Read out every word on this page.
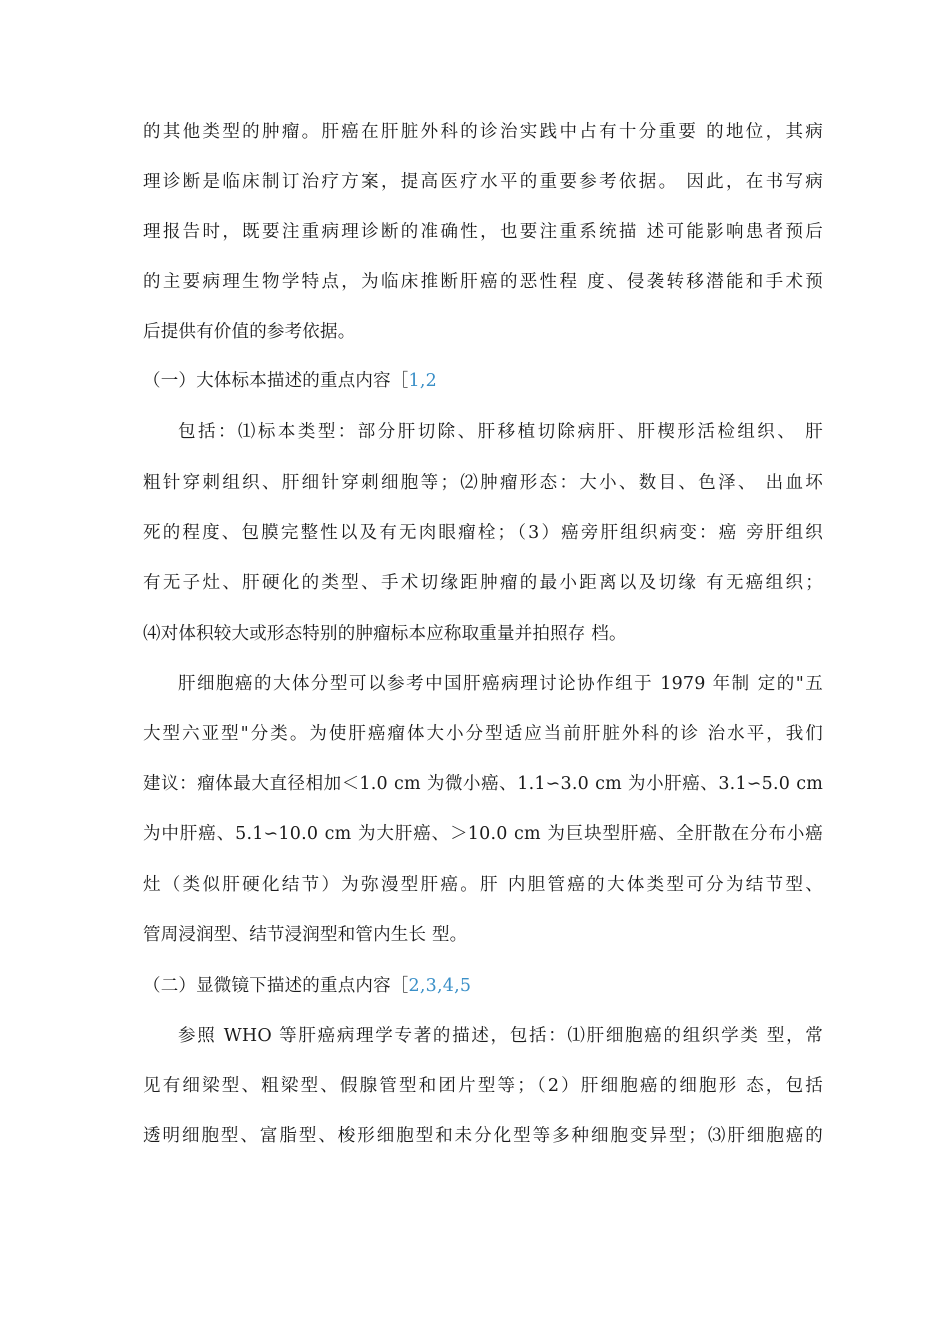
的其他类型的肿瘤。肝癌在肝脏外科的诊治实践中占有十分重要 的地位，其病
理诊断是临床制订治疗方案，提高医疗水平的重要参考依据。 因此，在书写病
理报告时，既要注重病理诊断的准确性，也要注重系统描 述可能影响患者预后
的主要病理生物学特点，为临床推断肝癌的恶性程 度、侵袭转移潜能和手术预
后提供有价值的参考依据。
（一）大体标本描述的重点内容［1,2
包括：⑴标本类型：部分肝切除、肝移植切除病肝、肝楔形活检组织、 肝
粗针穿刺组织、肝细针穿刺细胞等；⑵肿瘤形态：大小、数目、色泽、 出血坏
死的程度、包膜完整性以及有无肉眼瘤栓；（3）癌旁肝组织病变：癌 旁肝组织
有无子灶、肝硬化的类型、手术切缘距肿瘤的最小距离以及切缘 有无癌组织；
⑷对体积较大或形态特别的肿瘤标本应称取重量并拍照存 档。
肝细胞癌的大体分型可以参考中国肝癌病理讨论协作组于 1979 年制 定的"五
大型六亚型"分类。为使肝癌瘤体大小分型适应当前肝脏外科的诊 治水平，我们
建议：瘤体最大直径相加＜1.0 cm 为微小癌、1.1∽3.0 cm 为小肝癌、3.1∽5.0 cm
为中肝癌、5.1∽10.0 cm 为大肝癌、＞10.0 cm 为巨块型肝癌、全肝散在分布小癌
灶（类似肝硬化结节）为弥漫型肝癌。肝 内胆管癌的大体类型可分为结节型、
管周浸润型、结节浸润型和管内生长 型。
（二）显微镜下描述的重点内容［2,3,4,5
参照 WHO 等肝癌病理学专著的描述，包括：⑴肝细胞癌的组织学类 型，常
见有细梁型、粗梁型、假腺管型和团片型等；（2）肝细胞癌的细胞形 态，包括
透明细胞型、富脂型、梭形细胞型和未分化型等多种细胞变异型；⑶肝细胞癌的
